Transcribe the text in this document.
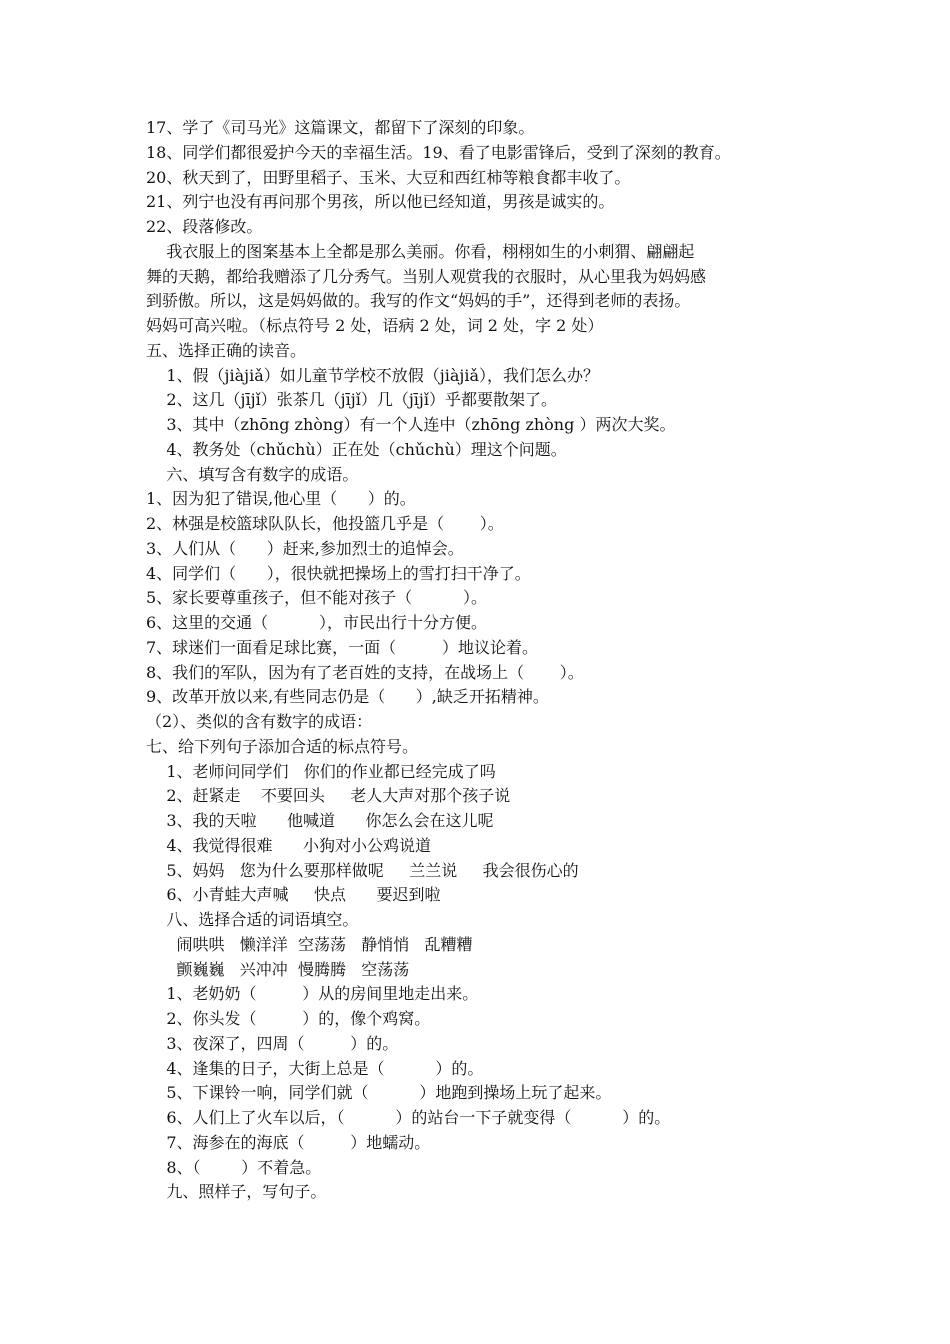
17、学了《司马光》这篇课文，都留下了深刻的印象。
18、同学们都很爱护今天的幸福生活。19、看了电影雷锋后，受到了深刻的教育。
20、秋天到了，田野里稻子、玉米、大豆和西红柿等粮食都丰收了。
21、列宁也没有再问那个男孩，所以他已经知道，男孩是诚实的。
22、段落修改。
我衣服上的图案基本上全都是那么美丽。你看，栩栩如生的小刺猬、翩翩起
舞的天鹅，都给我赠添了几分秀气。当别人观赏我的衣服时，从心里我为妈妈感
到骄傲。所以，这是妈妈做的。我写的作文“妈妈的手”，还得到老师的表扬。
妈妈可高兴啦。（标点符号 2 处，语病 2 处，词 2 处，字 2 处）
五、选择正确的读音。
1、假（jiàjiǎ）如儿童节学校不放假（jiàjiǎ），我们怎么办？
2、这几（jījǐ）张茶几（jījǐ）几（jījǐ）乎都要散架了。
3、其中（zhōng zhòng）有一个人连中（zhōng zhòng ）两次大奖。
4、教务处（chǔchù）正在处（chǔchù）理这个问题。
六、填写含有数字的成语。
1、因为犯了错误,他心里（      ）的。
2、林强是校篮球队队长，他投篮几乎是（       ）。
3、人们从（      ）赶来,参加烈士的追悼会。
4、同学们（      ），很快就把操场上的雪打扫干净了。
5、家长要尊重孩子，但不能对孩子（          ）。
6、这里的交通（          ），市民出行十分方便。
7、球迷们一面看足球比赛，一面（         ）地议论着。
8、我们的军队，因为有了老百姓的支持，在战场上（       ）。
9、改革开放以来,有些同志仍是（      ）,缺乏开拓精神。
（2）、类似的含有数字的成语：
七、给下列句子添加合适的标点符号。
1、老师问同学们   你们的作业都已经完成了吗
2、赶紧走    不要回头     老人大声对那个孩子说
3、我的天啦      他喊道      你怎么会在这儿呢
4、我觉得很难      小狗对小公鸡说道
5、妈妈   您为什么要那样做呢     兰兰说     我会很伤心的
6、小青蛙大声喊     快点      要迟到啦
八、选择合适的词语填空。
闹哄哄   懒洋洋  空荡荡   静悄悄   乱糟糟
颤巍巍   兴冲冲  慢腾腾   空荡荡
1、老奶奶（         ）从的房间里地走出来。
2、你头发（         ）的，像个鸡窝。
3、夜深了，四周（         ）的。
4、逢集的日子，大街上总是（          ）的。
5、下课铃一响，同学们就（          ）地跑到操场上玩了起来。
6、人们上了火车以后，（          ）的站台一下子就变得（          ）的。
7、海参在的海底（         ）地蠕动。
8、（        ）不着急。
九、照样子，写句子。
